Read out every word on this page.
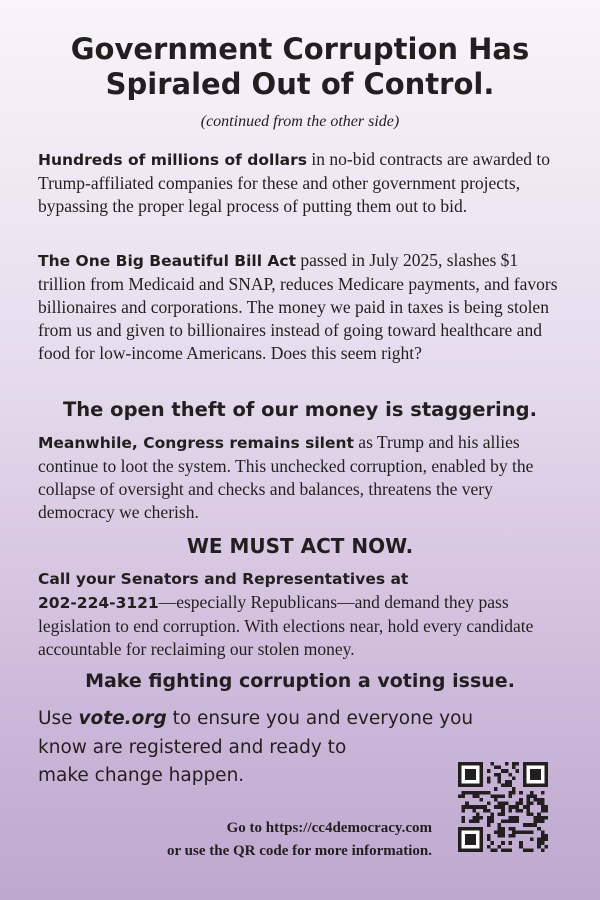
Government Corruption Has
Spiraled Out of Control.

(continued from the other side)

Hundreds of millions of dollars in no-bid contracts are awarded to Trump-affiliated companies for these and other government projects, bypassing the proper legal process of putting them out to bid.

The One Big Beautiful Bill Act passed in July 2025, slashes $1 trillion from Medicaid and SNAP, reduces Medicare payments, and favors billionaires and corporations. The money we paid in taxes is being stolen from us and given to billionaires instead of going toward healthcare and food for low-income Americans. Does this seem right?

The open theft of our money is staggering.

Meanwhile, Congress remains silent as Trump and his allies continue to loot the system. This unchecked corruption, enabled by the collapse of oversight and checks and balances, threatens the very democracy we cherish.

WE MUST ACT NOW.

Call your Senators and Representatives at
202-224-3121—especially Republicans—and demand they pass legislation to end corruption. With elections near, hold every candidate accountable for reclaiming our stolen money.

Make fighting corruption a voting issue.

Use vote.org to ensure you and everyone you
know are registered and ready to
make change happen.

Go to https://cc4democracy.com
or use the QR code for more information.
